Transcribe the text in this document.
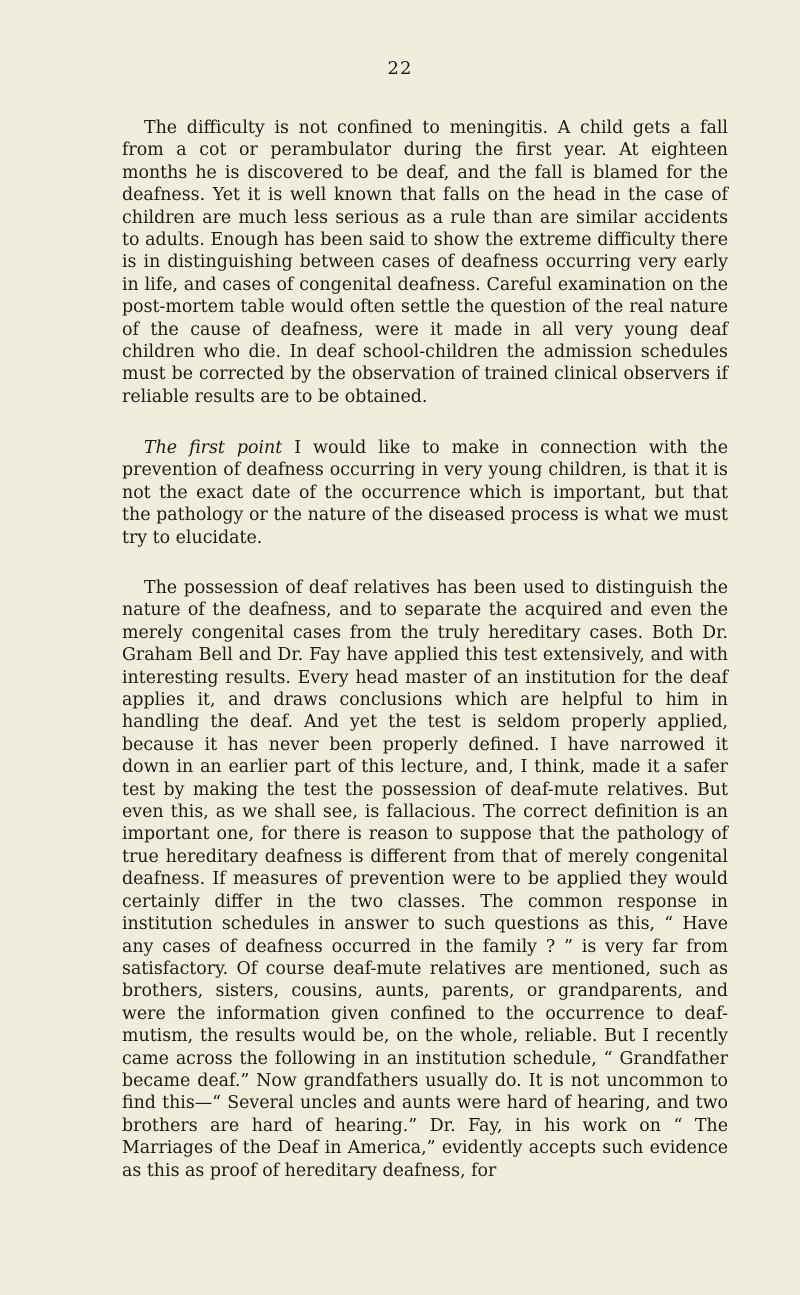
22

The difficulty is not confined to meningitis. A child gets a fall from a cot or perambulator during the first year. At eighteen months he is discovered to be deaf, and the fall is blamed for the deafness. Yet it is well known that falls on the head in the case of children are much less serious as a rule than are similar accidents to adults. Enough has been said to show the extreme difficulty there is in distinguishing between cases of deafness occurring very early in life, and cases of congenital deafness. Careful examination on the post-mortem table would often settle the question of the real nature of the cause of deafness, were it made in all very young deaf children who die. In deaf school-children the admission schedules must be corrected by the observation of trained clinical observers if reliable results are to be obtained.

The first point I would like to make in connection with the prevention of deafness occurring in very young children, is that it is not the exact date of the occurrence which is important, but that the pathology or the nature of the diseased process is what we must try to elucidate.

The possession of deaf relatives has been used to distinguish the nature of the deafness, and to separate the acquired and even the merely congenital cases from the truly hereditary cases. Both Dr. Graham Bell and Dr. Fay have applied this test extensively, and with interesting results. Every head master of an institution for the deaf applies it, and draws conclusions which are helpful to him in handling the deaf. And yet the test is seldom properly applied, because it has never been properly defined. I have narrowed it down in an earlier part of this lecture, and, I think, made it a safer test by making the test the possession of deaf-mute relatives. But even this, as we shall see, is fallacious. The correct definition is an important one, for there is reason to suppose that the pathology of true hereditary deafness is different from that of merely congenital deafness. If measures of prevention were to be applied they would certainly differ in the two classes. The common response in institution schedules in answer to such questions as this, “ Have any cases of deafness occurred in the family ? ” is very far from satisfactory. Of course deaf-mute relatives are mentioned, such as brothers, sisters, cousins, aunts, parents, or grandparents, and were the information given confined to the occurrence to deaf-mutism, the results would be, on the whole, reliable. But I recently came across the following in an institution schedule, “ Grandfather became deaf.” Now grandfathers usually do. It is not uncommon to find this—“ Several uncles and aunts were hard of hearing, and two brothers are hard of hearing.” Dr. Fay, in his work on “ The Marriages of the Deaf in America,” evidently accepts such evidence as this as proof of hereditary deafness, for
